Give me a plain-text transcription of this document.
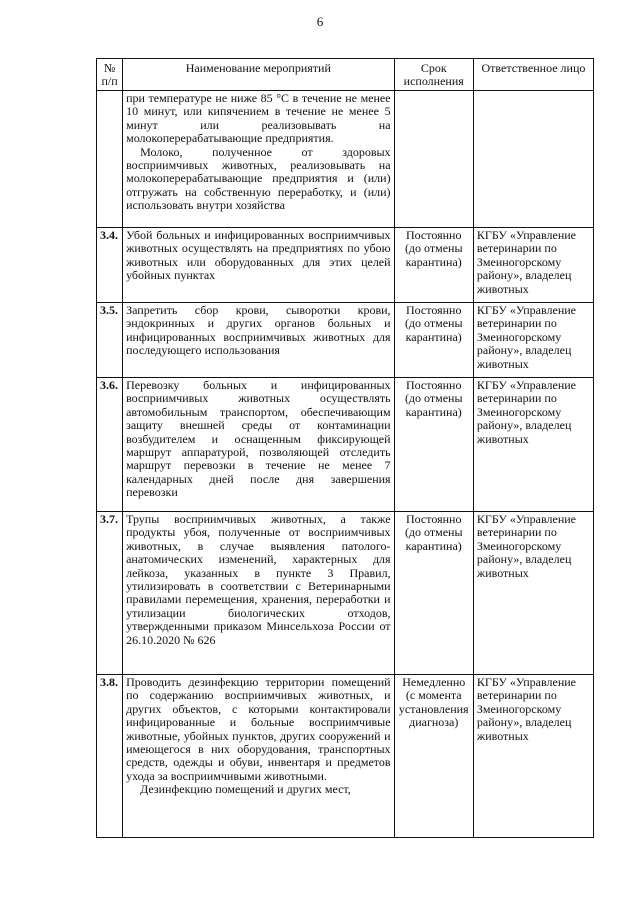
6
№ п/п	Наименование мероприятий	Срок исполнения	Ответственное лицо

	при температуре не ниже 85 °С в течение не менее 10 минут, или кипячением в течение не менее 5 минут или реализовывать на молокоперерабатывающие предприятия.
Молоко, полученное от здоровых восприимчивых животных, реализовывать на молокоперерабатывающие предприятия и (или) отгружать на собственную переработку, и (или) использовать внутри хозяйства		

3.4.	Убой больных и инфицированных восприимчивых животных осуществлять на предприятиях по убою животных или оборудованных для этих целей убойных пунктах	Постоянно (до отмены карантина)	КГБУ «Управление ветеринарии по Змеиногорскому району», владелец животных
3.5.	Запретить сбор крови, сыворотки крови, эндокринных и других органов больных и инфицированных восприимчивых животных для последующего использования	Постоянно (до отмены карантина)	КГБУ «Управление ветеринарии по Змеиногорскому району», владелец животных
3.6.	Перевозку больных и инфицированных восприимчивых животных осуществлять автомобильным транспортом, обеспечивающим защиту внешней среды от контаминации возбудителем и оснащенным фиксирующей маршрут аппаратурой, позволяющей отследить маршрут перевозки в течение не менее 7 календарных дней после дня завершения перевозки	Постоянно (до отмены карантина)	КГБУ «Управление ветеринарии по Змеиногорскому району», владелец животных
3.7.	Трупы восприимчивых животных, а также продукты убоя, полученные от восприимчивых животных, в случае выявления патолого-анатомических изменений, характерных для лейкоза, указанных в пункте 3 Правил, утилизировать в соответствии с Ветеринарными правилами перемещения, хранения, переработки и утилизации биологических отходов, утвержденными приказом Минсельхоза России от 26.10.2020 № 626	Постоянно (до отмены карантина)	КГБУ «Управление ветеринарии по Змеиногорскому району», владелец животных
3.8.	Проводить дезинфекцию территории помещений по содержанию восприимчивых животных, и других объектов, с которыми контактировали инфицированные и больные восприимчивые животные, убойных пунктов, других сооружений и имеющегося в них оборудования, транспортных средств, одежды и обуви, инвентаря и предметов ухода за восприимчивыми животными.
Дезинфекцию помещений и других мест,	Немедленно (с момента установления диагноза)	КГБУ «Управление ветеринарии по Змеиногорскому району», владелец животных
